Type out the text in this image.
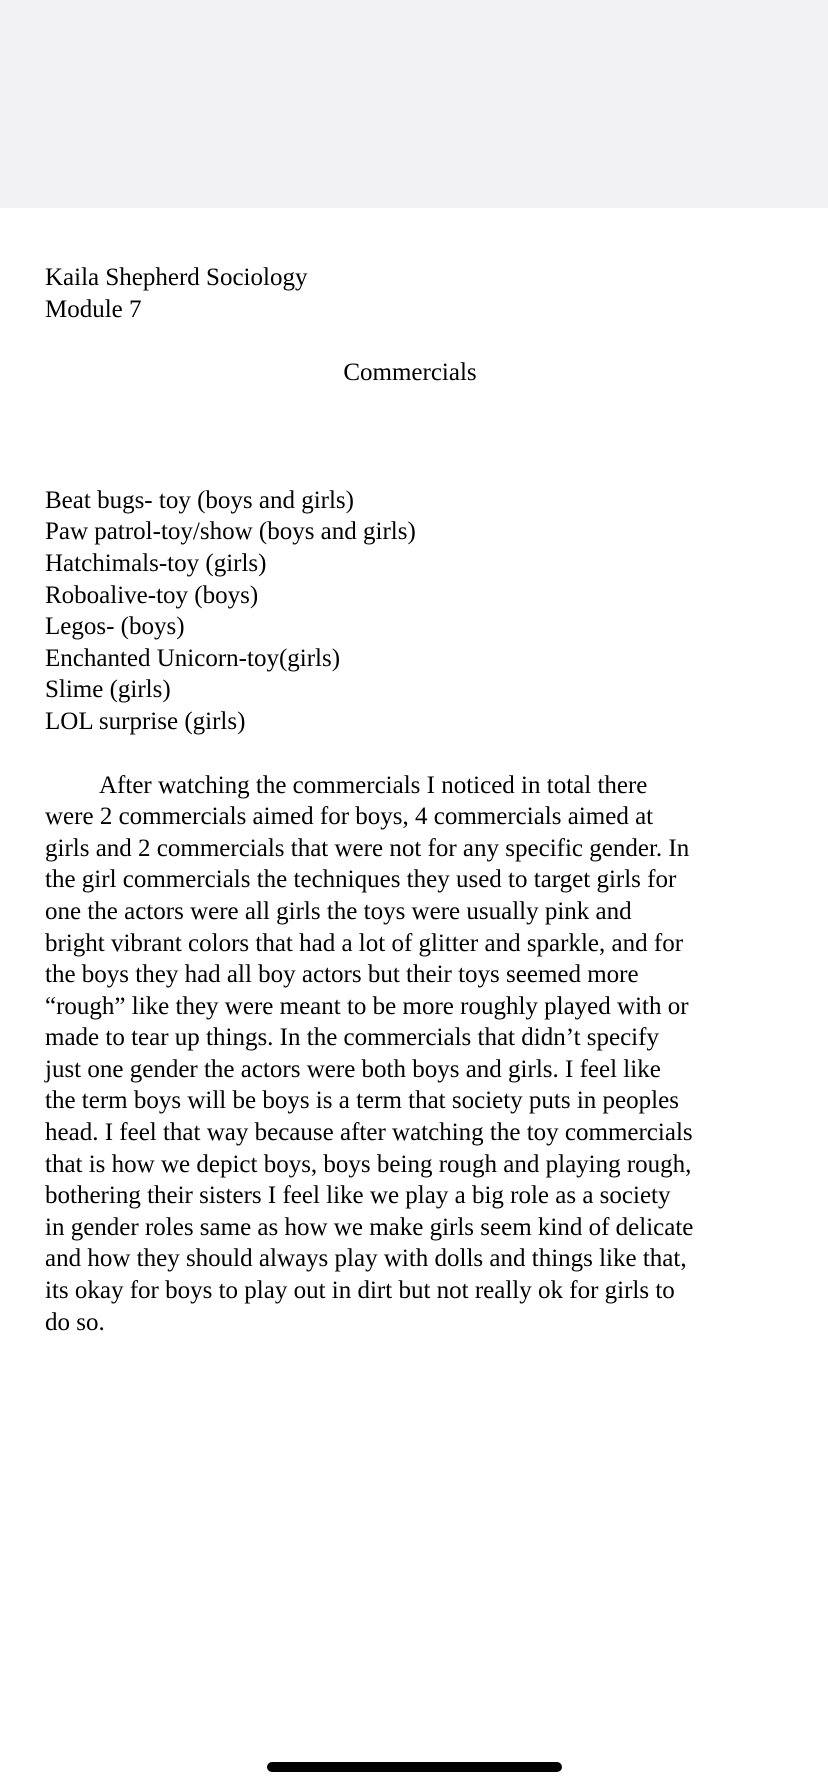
Kaila Shepherd Sociology
Module 7
Commercials
Beat bugs- toy (boys and girls)
Paw patrol-toy/show (boys and girls)
Hatchimals-toy (girls)
Roboalive-toy (boys)
Legos- (boys)
Enchanted Unicorn-toy(girls)
Slime (girls)
LOL surprise (girls)
After watching the commercials I noticed in total there
were 2 commercials aimed for boys, 4 commercials aimed at
girls and 2 commercials that were not for any specific gender. In
the girl commercials the techniques they used to target girls for
one the actors were all girls the toys were usually pink and
bright vibrant colors that had a lot of glitter and sparkle, and for
the boys they had all boy actors but their toys seemed more
“rough” like they were meant to be more roughly played with or
made to tear up things. In the commercials that didn’t specify
just one gender the actors were both boys and girls. I feel like
the term boys will be boys is a term that society puts in peoples
head. I feel that way because after watching the toy commercials
that is how we depict boys, boys being rough and playing rough,
bothering their sisters I feel like we play a big role as a society
in gender roles same as how we make girls seem kind of delicate
and how they should always play with dolls and things like that,
its okay for boys to play out in dirt but not really ok for girls to
do so.
